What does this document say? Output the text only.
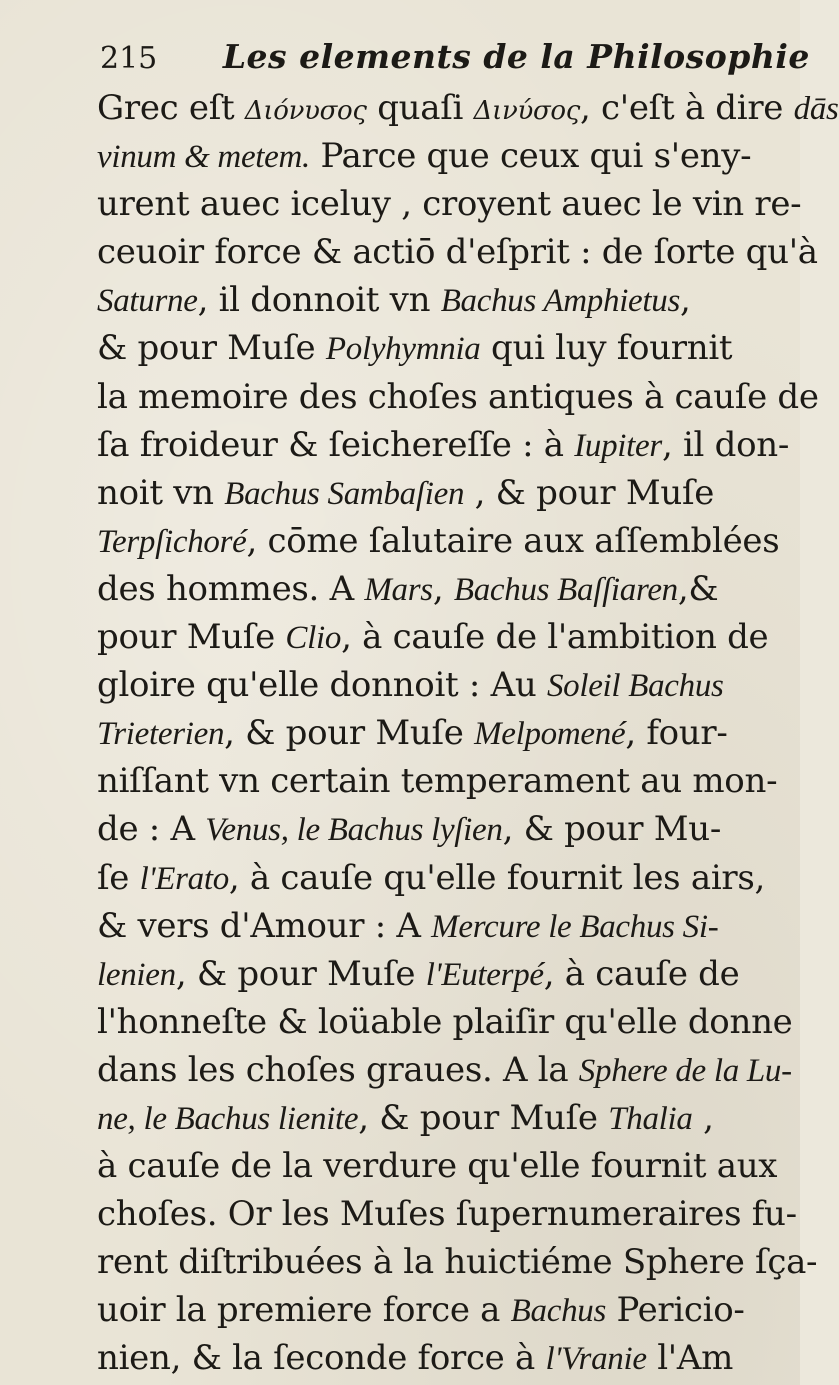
215 Les elements de la Philosophie
Grec eſt Διόνυσος quaſi Δινύσος, c'eſt à dire dās
vinum & metem. Parce que ceux qui s'eny-
urent auec iceluy , croyent auec le vin re-
ceuoir force & actiō d'eſprit : de ſorte qu'à
Saturne, il donnoit vn Bachus Amphietus,
& pour Muſe Polyhymnia qui luy fournit
la memoire des choſes antiques à cauſe de
ſa froideur & ſeichereſſe : à Iupiter, il don-
noit vn Bachus Sambaſien , & pour Muſe
Terpſichoré, cōme ſalutaire aux aſſemblées
des hommes. A Mars, Bachus Baſſiaren,&
pour Muſe Clio, à cauſe de l'ambition de
gloire qu'elle donnoit : Au Soleil Bachus
Trieterien, & pour Muſe Melpomené, four-
niſſant vn certain temperament au mon-
de : A Venus, le Bachus lyſien, & pour Mu-
ſe l'Erato, à cauſe qu'elle fournit les airs,
& vers d'Amour : A Mercure le Bachus Si-
lenien, & pour Muſe l'Euterpé, à cauſe de
l'honneſte & loüable plaiſir qu'elle donne
dans les choſes graues. A la Sphere de la Lu-
ne, le Bachus lienite, & pour Muſe Thalia ,
à cauſe de la verdure qu'elle fournit aux
choſes. Or les Muſes ſupernumeraires fu-
rent diſtribuées à la huictiéme Sphere ſça-
uoir la premiere force a Bachus Pericio-
nien, & la ſeconde force à l'Vranie l'Am
